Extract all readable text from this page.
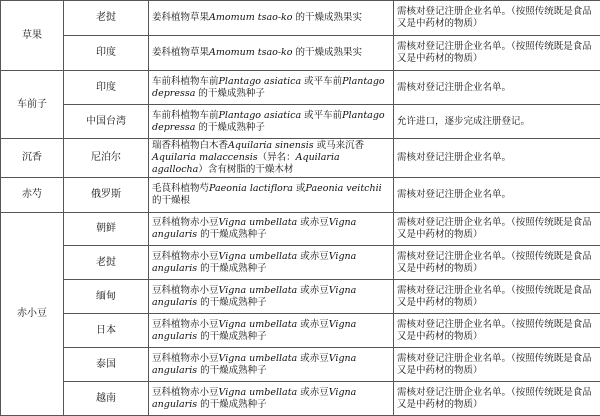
草果	老挝	姜科植物草果Amomum tsao-ko 的干燥成熟果实	需核对登记注册企业名单。（按照传统既是食品又是中药材的物质）
	印度	姜科植物草果Amomum tsao-ko 的干燥成熟果实	需核对登记注册企业名单。（按照传统既是食品又是中药材的物质）
车前子	印度	车前科植物车前Plantago asiatica 或平车前Plantago depressa 的干燥成熟种子	需核对登记注册企业名单。
	中国台湾	车前科植物车前Plantago asiatica 或平车前Plantago depressa 的干燥成熟种子	允许进口，逐步完成注册登记。
沉香	尼泊尔	瑞香科植物白木香Aquilaria sinensis 或马来沉香Aquilaria malaccensis（异名：Aquilaria agallocha）含有树脂的干燥木材	需核对登记注册企业名单。
赤芍	俄罗斯	毛茛科植物芍Paeonia lactiflora 或Paeonia veitchii 的干燥根	需核对登记注册企业名单。
赤小豆	朝鲜	豆科植物赤小豆Vigna umbellata 或赤豆Vigna angularis 的干燥成熟种子	需核对登记注册企业名单。（按照传统既是食品又是中药材的物质）
	老挝	豆科植物赤小豆Vigna umbellata 或赤豆Vigna angularis 的干燥成熟种子	需核对登记注册企业名单。（按照传统既是食品又是中药材的物质）
	缅甸	豆科植物赤小豆Vigna umbellata 或赤豆Vigna angularis 的干燥成熟种子	需核对登记注册企业名单。（按照传统既是食品又是中药材的物质）
	日本	豆科植物赤小豆Vigna umbellata 或赤豆Vigna angularis 的干燥成熟种子	需核对登记注册企业名单。（按照传统既是食品又是中药材的物质）
	泰国	豆科植物赤小豆Vigna umbellata 或赤豆Vigna angularis 的干燥成熟种子	需核对登记注册企业名单。（按照传统既是食品又是中药材的物质）
	越南	豆科植物赤小豆Vigna umbellata 或赤豆Vigna angularis 的干燥成熟种子	需核对登记注册企业名单。（按照传统既是食品又是中药材的物质）
